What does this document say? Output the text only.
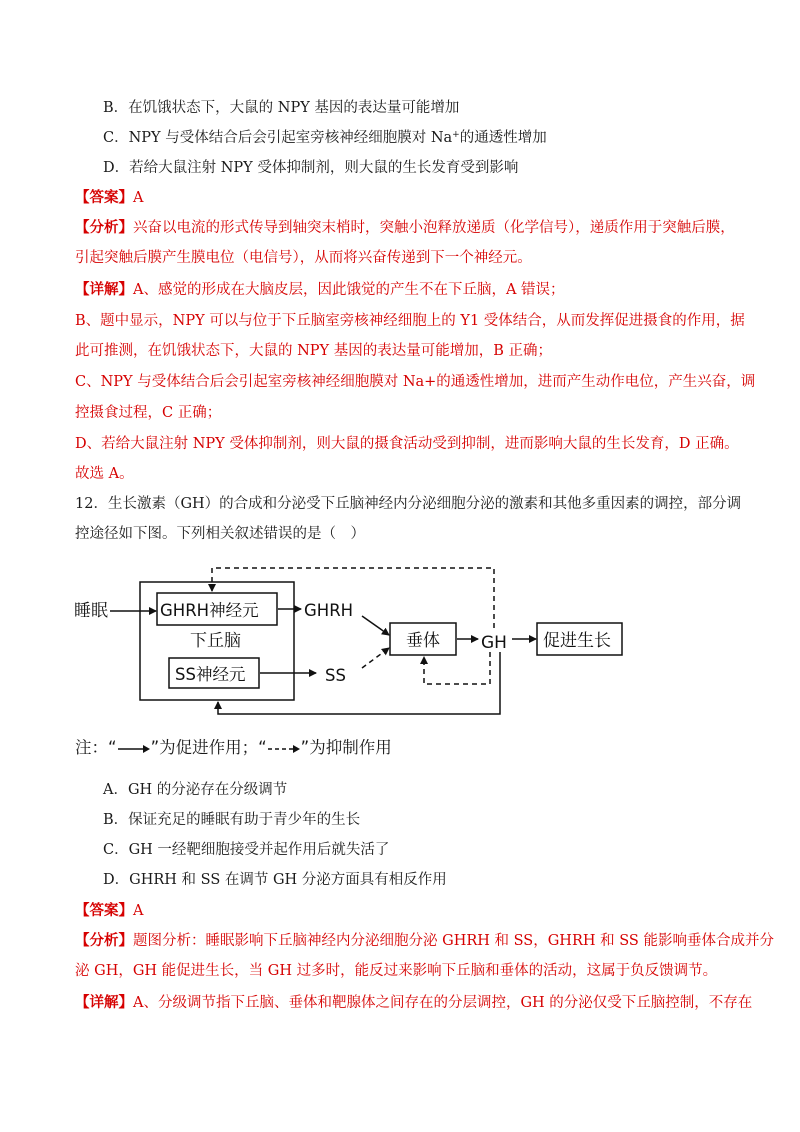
B．在饥饿状态下，大鼠的 NPY 基因的表达量可能增加
C．NPY 与受体结合后会引起室旁核神经细胞膜对 Na+的通透性增加
D．若给大鼠注射 NPY 受体抑制剂，则大鼠的生长发育受到影响
【答案】A
【分析】兴奋以电流的形式传导到轴突末梢时，突触小泡释放递质（化学信号），递质作用于突触后膜，
引起突触后膜产生膜电位（电信号），从而将兴奋传递到下一个神经元。
【详解】A、感觉的形成在大脑皮层，因此饿觉的产生不在下丘脑，A 错误；
B、题中显示，NPY 可以与位于下丘脑室旁核神经细胞上的 Y1 受体结合，从而发挥促进摄食的作用，据
此可推测，在饥饿状态下，大鼠的 NPY 基因的表达量可能增加，B 正确；
C、NPY 与受体结合后会引起室旁核神经细胞膜对 Na+的通透性增加，进而产生动作电位，产生兴奋，调
控摄食过程，C 正确；
D、若给大鼠注射 NPY 受体抑制剂，则大鼠的摄食活动受到抑制，进而影响大鼠的生长发育，D 正确。
故选 A。
12．生长激素（GH）的合成和分泌受下丘脑神经内分泌细胞分泌的激素和其他多重因素的调控，部分调
控途径如下图。下列相关叙述错误的是（　）
睡眠	GHRH神经元
下丘脑
SS神经元
GHRH
SS
垂体 GH 促进生长
注：“ ”为促进作用；“ ”为抑制作用
A．GH 的分泌存在分级调节
B．保证充足的睡眠有助于青少年的生长
C．GH 一经靶细胞接受并起作用后就失活了
D．GHRH 和 SS 在调节 GH 分泌方面具有相反作用
【答案】A
【分析】题图分析：睡眠影响下丘脑神经内分泌细胞分泌 GHRH 和 SS，GHRH 和 SS 能影响垂体合成并分
泌 GH，GH 能促进生长，当 GH 过多时，能反过来影响下丘脑和垂体的活动，这属于负反馈调节。
【详解】A、分级调节指下丘脑、垂体和靶腺体之间存在的分层调控，GH 的分泌仅受下丘脑控制，不存在
